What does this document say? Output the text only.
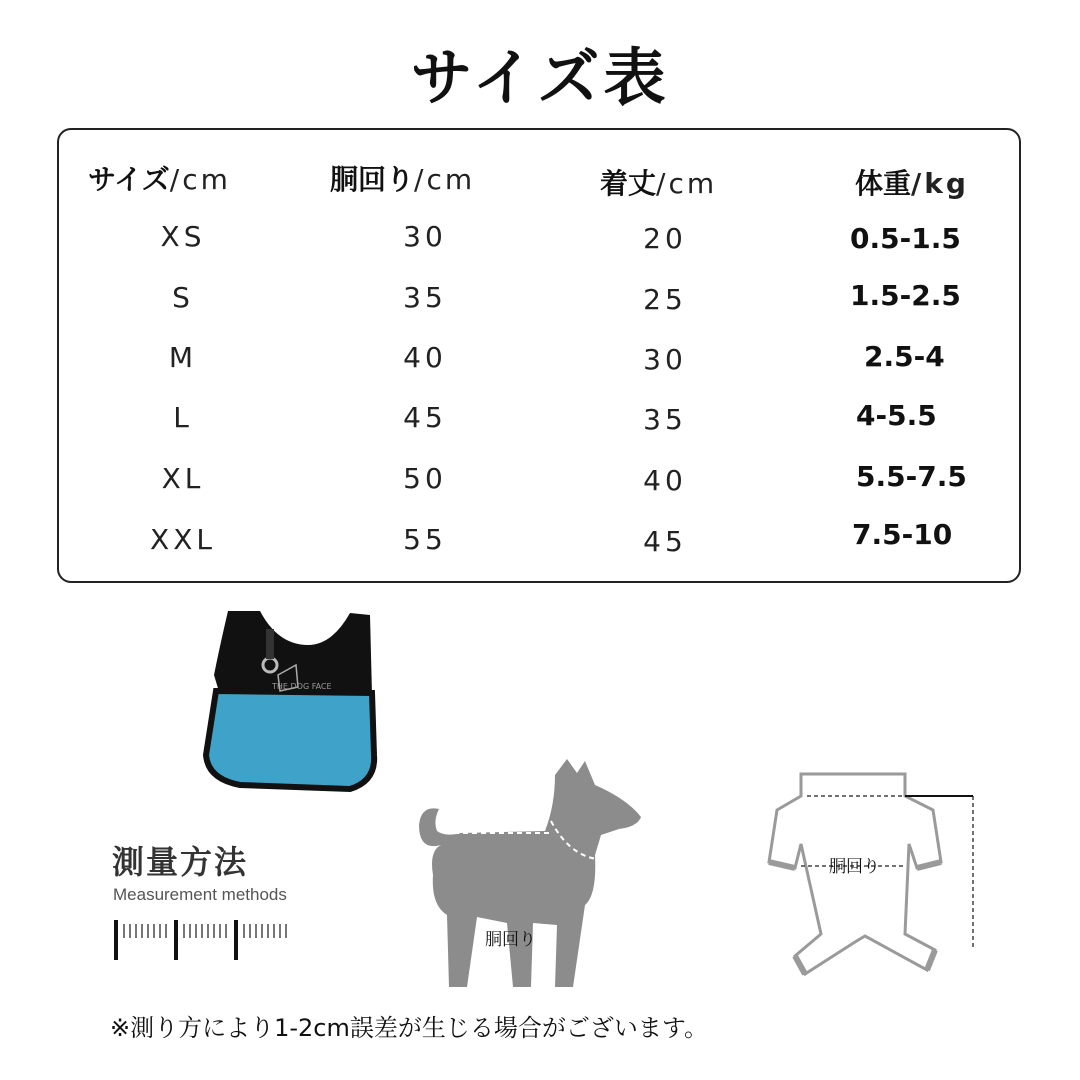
サイズ表
サイズ/cm	胴回り/cm	着丈/cm	体重/kg
XS	30	20	0.5-1.5
S	35	25	1.5-2.5
M	40	30	2.5-4
L	45	35	4-5.5
XL	50	40	5.5-7.5
XXL	55	45	7.5-10
THE DOG FACE
測量方法
Measurement methods
胴回り
胴回り
※測り方により1-2cm誤差が生じる場合がございます。
